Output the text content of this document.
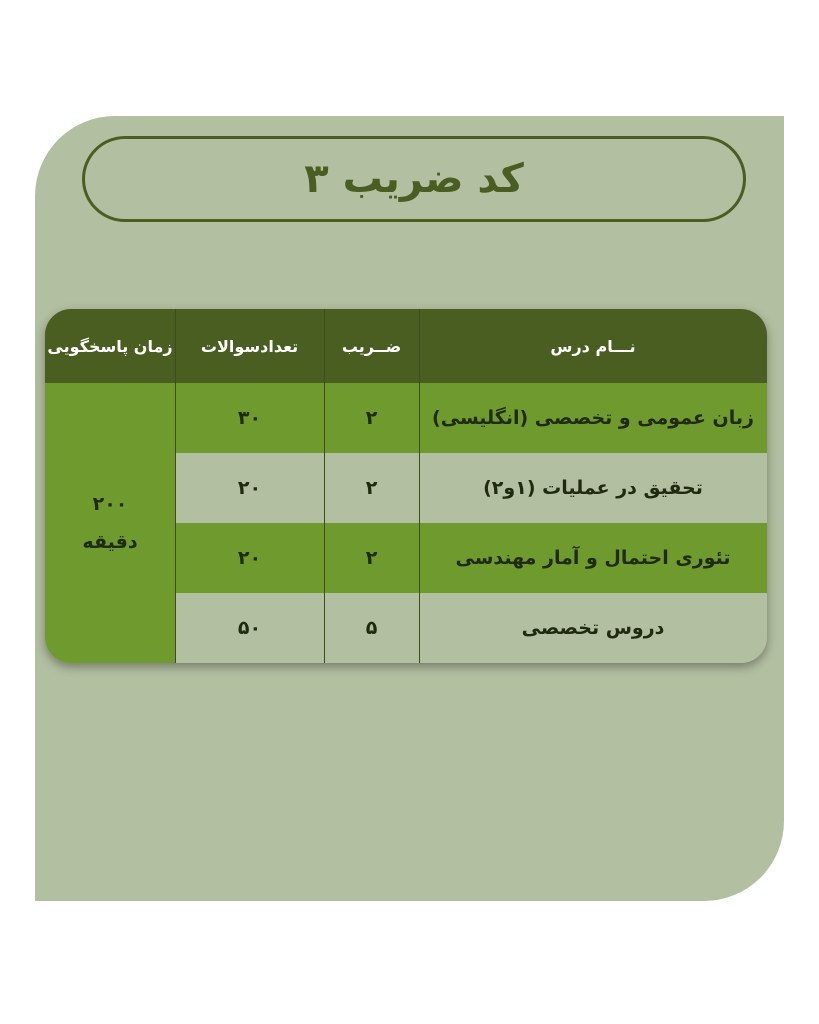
کد ضریب ۳
زمان پاسخگویی	تعدادسوالات	ضــریب	نـــام درس
۲۰۰
دقیقه
۳۰	۲	زبان عمومی و تخصصی (انگلیسی)
۲۰	۲	تحقیق در عملیات (۱و۲)
۲۰	۲	تئوری احتمال و آمار مهندسی
۵۰	۵	دروس تخصصی
